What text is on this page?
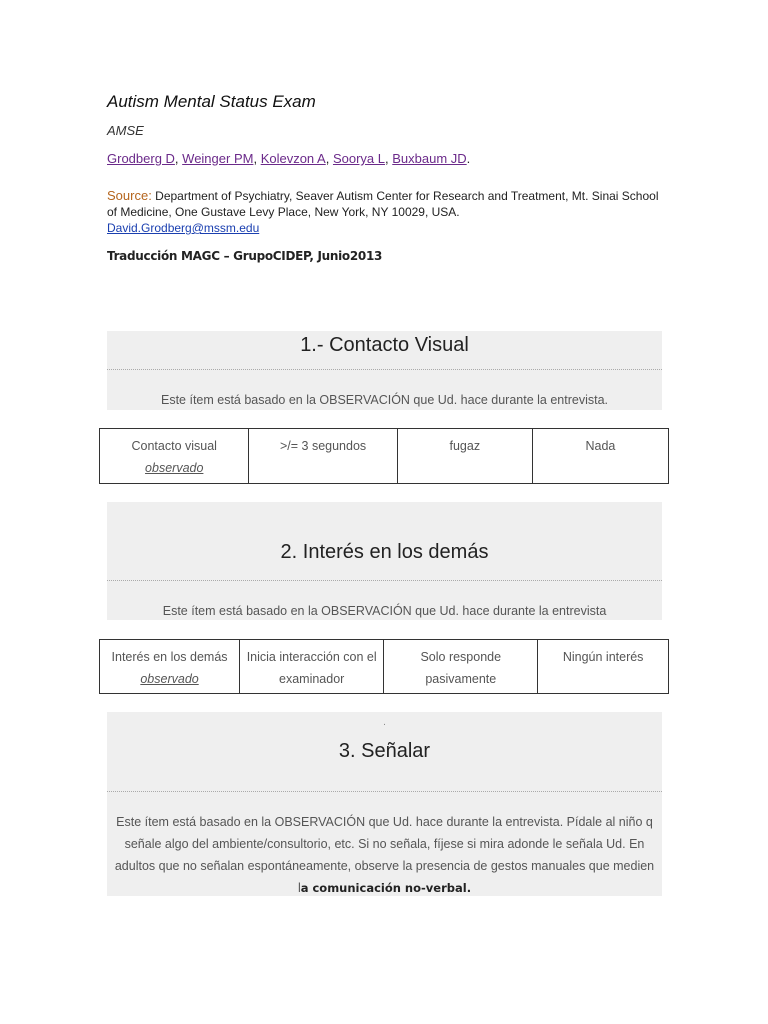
Autism Mental Status Exam
AMSE
Grodberg D, Weinger PM, Kolevzon A, Soorya L, Buxbaum JD.
Source: Department of Psychiatry, Seaver Autism Center for Research and Treatment, Mt. Sinai School of Medicine, One Gustave Levy Place, New York, NY 10029, USA.
David.Grodberg@mssm.edu
Traducción MAGC – GrupoCIDEP, Junio2013
1.- Contacto Visual
Este ítem está basado en la OBSERVACIÓN que Ud. hace durante la entrevista.
Contacto visual
observado	>/= 3 segundos	fugaz	Nada
2. Interés en los demás
Este ítem está basado en la OBSERVACIÓN que Ud. hace durante la entrevista
Interés en los demás
observado	Inicia interacción con el examinador	Solo responde pasivamente	Ningún interés
.
3. Señalar
Este ítem está basado en la OBSERVACIÓN que Ud. hace durante la entrevista. Pídale al niño q señale algo del ambiente/consultorio, etc. Si no señala, fíjese si mira adonde le señala Ud. En adultos que no señalan espontáneamente, observe la presencia de gestos manuales que medien la comunicación no-verbal.
